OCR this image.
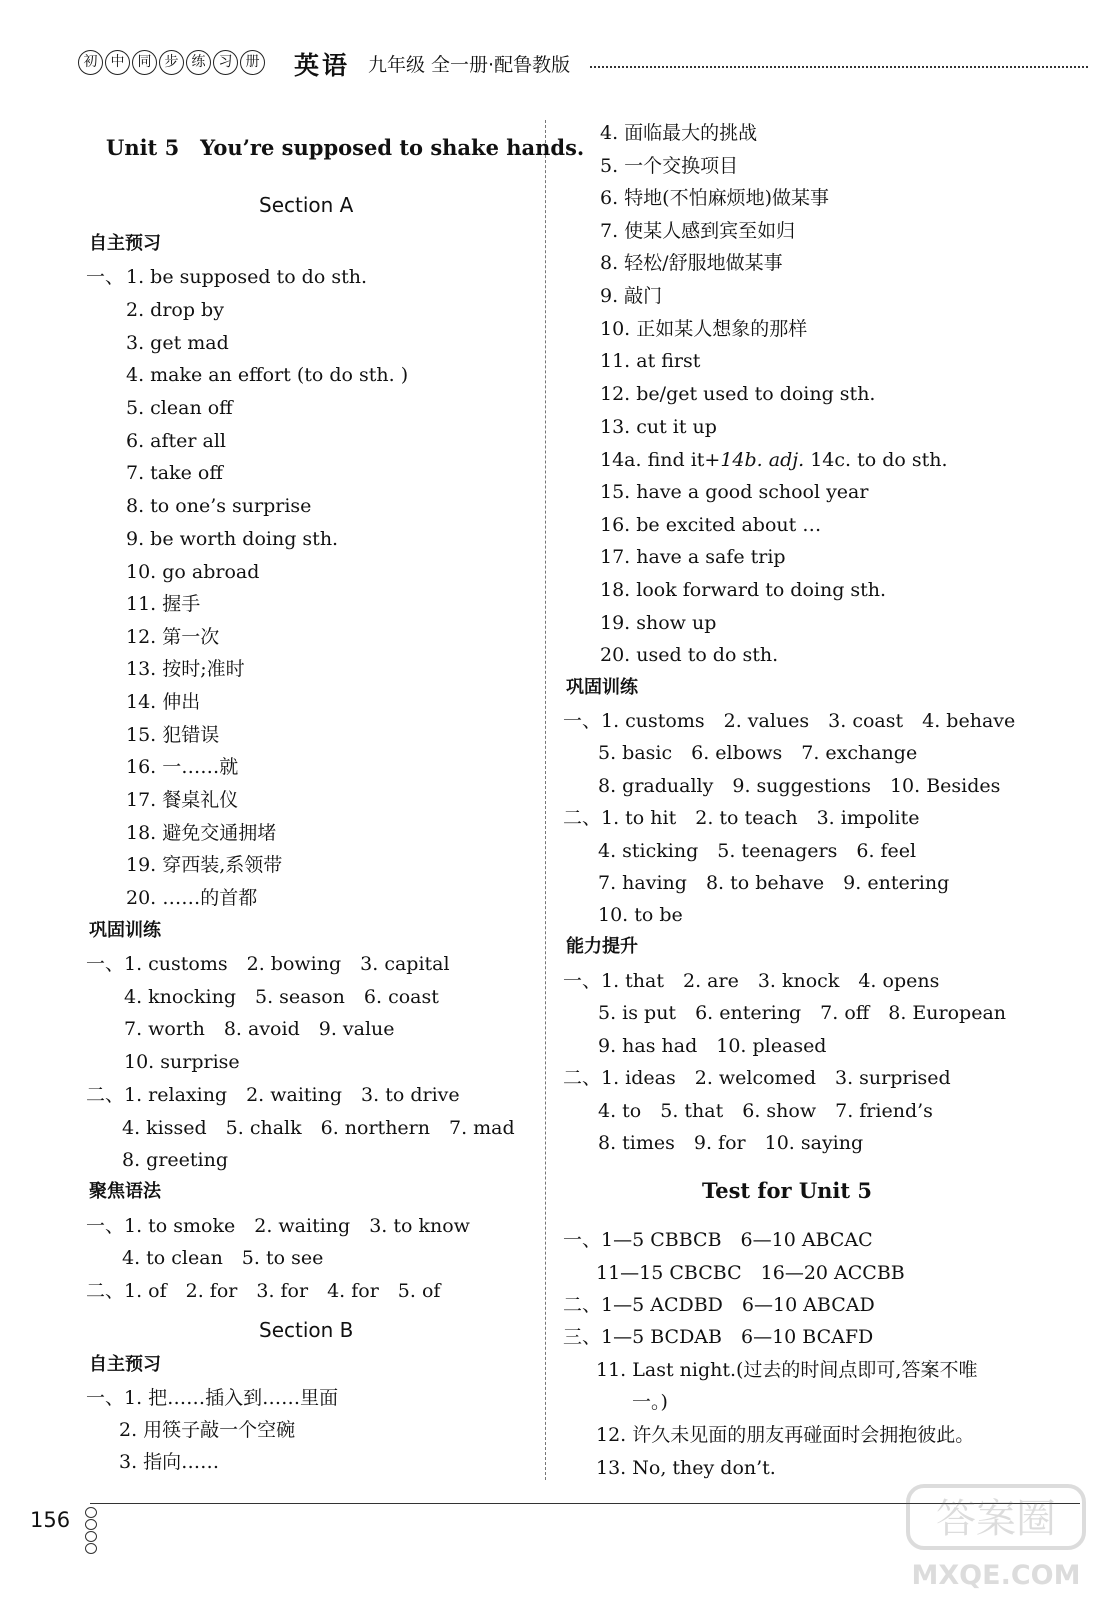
初 中 同 步 练 习 册 英语 九年级 全一册·配鲁教版
Unit 5　You’re supposed to shake hands.
Section A
自主预习
一、 1. be supposed to do sth.
2. drop by
3. get mad
4. make an effort (to do sth. )
5. clean off
6. after all
7. take off
8. to one’s surprise
9. be worth doing sth.
10. go abroad
11. 握手
12. 第一次
13. 按时;准时
14. 伸出
15. 犯错误
16. 一……就
17. 餐桌礼仪
18. 避免交通拥堵
19. 穿西装,系领带
20. ……的首都
巩固训练
一、1. customs　2. bowing　3. capital
4. knocking　5. season　6. coast
7. worth　8. avoid　9. value
10. surprise
二、1. relaxing　2. waiting　3. to drive
4. kissed　5. chalk　6. northern　7. mad
8. greeting
聚焦语法
一、1. to smoke　2. waiting　3. to know
4. to clean　5. to see
二、1. of　2. for　3. for　4. for　5. of
Section B
自主预习
一、1. 把……插入到……里面
2. 用筷子敲一个空碗
3. 指向……
4. 面临最大的挑战
5. 一个交换项目
6. 特地(不怕麻烦地)做某事
7. 使某人感到宾至如归
8. 轻松/舒服地做某事
9. 敲门
10. 正如某人想象的那样
11. at first
12. be/get used to doing sth.
13. cut it up
14a. find it+14b. adj. 14c. to do sth.
15. have a good school year
16. be excited about …
17. have a safe trip
18. look forward to doing sth.
19. show up
20. used to do sth.
巩固训练
一、1. customs　2. values　3. coast　4. behave
5. basic　6. elbows　7. exchange
8. gradually　9. suggestions　10. Besides
二、1. to hit　2. to teach　3. impolite
4. sticking　5. teenagers　6. feel
7. having　8. to behave　9. entering
10. to be
能力提升
一、1. that　2. are　3. knock　4. opens
5. is put　6. entering　7. off　8. European
9. has had　10. pleased
二、1. ideas　2. welcomed　3. surprised
4. to　5. that　6. show　7. friend’s
8. times　9. for　10. saying
Test for Unit 5
一、1—5 CBBCB　6—10 ABCAC
11—15 CBCBC　16—20 ACCBB
二、1—5 ACDBD　6—10 ABCAD
三、1—5 BCDAB　6—10 BCAFD
11. Last night.(过去的时间点即可,答案不唯
一。)
12. 许久未见面的朋友再碰面时会拥抱彼此。
13. No, they don’t.
156	答案圈
MXQE.COM
